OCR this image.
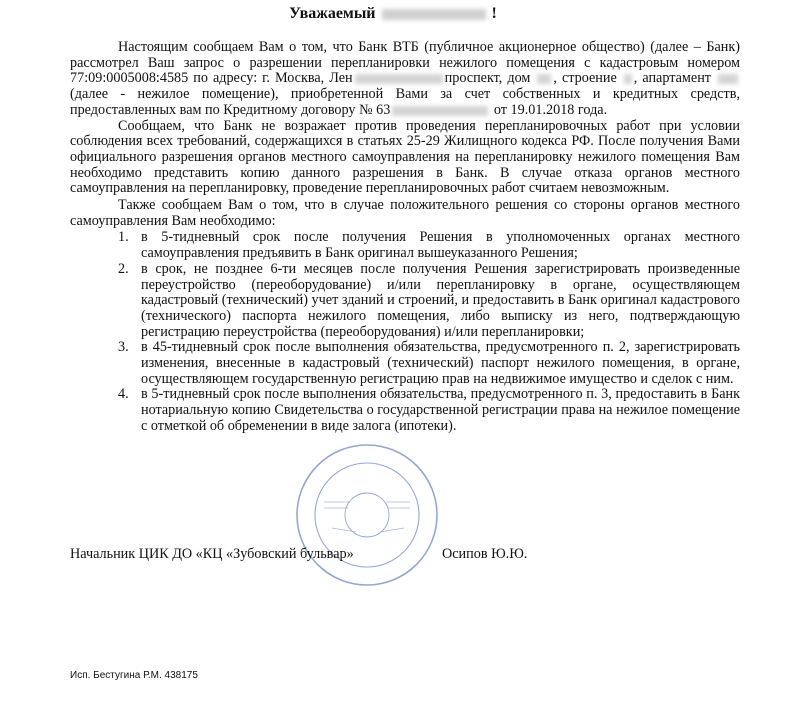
Уважаемый	!

Настоящим сообщаем Вам о том, что Банк ВТБ (публичное акционерное общество) (далее – Банк) рассмотрел Ваш запрос о разрешении перепланировки нежилого помещения с кадастровым номером 77:09:0005008:4585 по адресу: г. Москва, Лен	проспект, дом , строение , апартамент  (далее - нежилое помещение), приобретенной Вами за счет собственных и кредитных средств, предоставленных вам по Кредитному договору № 63	от 19.01.2018 года.

Сообщаем, что Банк не возражает против проведения перепланировочных работ при условии соблюдения всех требований, содержащихся в статьях 25-29 Жилищного кодекса РФ. После получения Вами официального разрешения органов местного самоуправления на перепланировку нежилого помещения Вам необходимо представить копию данного разрешения в Банк. В случае отказа органов местного самоуправления на перепланировку, проведение перепланировочных работ считаем невозможным.

Также сообщаем Вам о том, что в случае положительного решения со стороны органов местного самоуправления Вам необходимо:

1. в 5-тидневный срок после получения Решения в уполномоченных органах местного самоуправления предъявить в Банк оригинал вышеуказанного Решения;
2. в срок, не позднее 6-ти месяцев после получения Решения зарегистрировать произведенные переустройство (переоборудование) и/или перепланировку в органе, осуществляющем кадастровый (технический) учет зданий и строений, и предоставить в Банк оригинал кадастрового (технического) паспорта нежилого помещения, либо выписку из него, подтверждающую регистрацию переустройства (переоборудования) и/или перепланировки;
3. в 45-тидневный срок после выполнения обязательства, предусмотренного п. 2, зарегистрировать изменения, внесенные в кадастровый (технический) паспорт нежилого помещения, в органе, осуществляющем государственную регистрацию прав на недвижимое имущество и сделок с ним.
4. в 5-тидневный срок после выполнения обязательства, предусмотренного п. 3, предоставить в Банк нотариальную копию Свидетельства о государственной регистрации права на нежилое помещение с отметкой об обременении в виде залога (ипотеки).
Начальник ЦИК ДО «КЦ «Зубовский бульвар»	Осипов Ю.Ю.
Исп. Бестугина Р.М. 438175
